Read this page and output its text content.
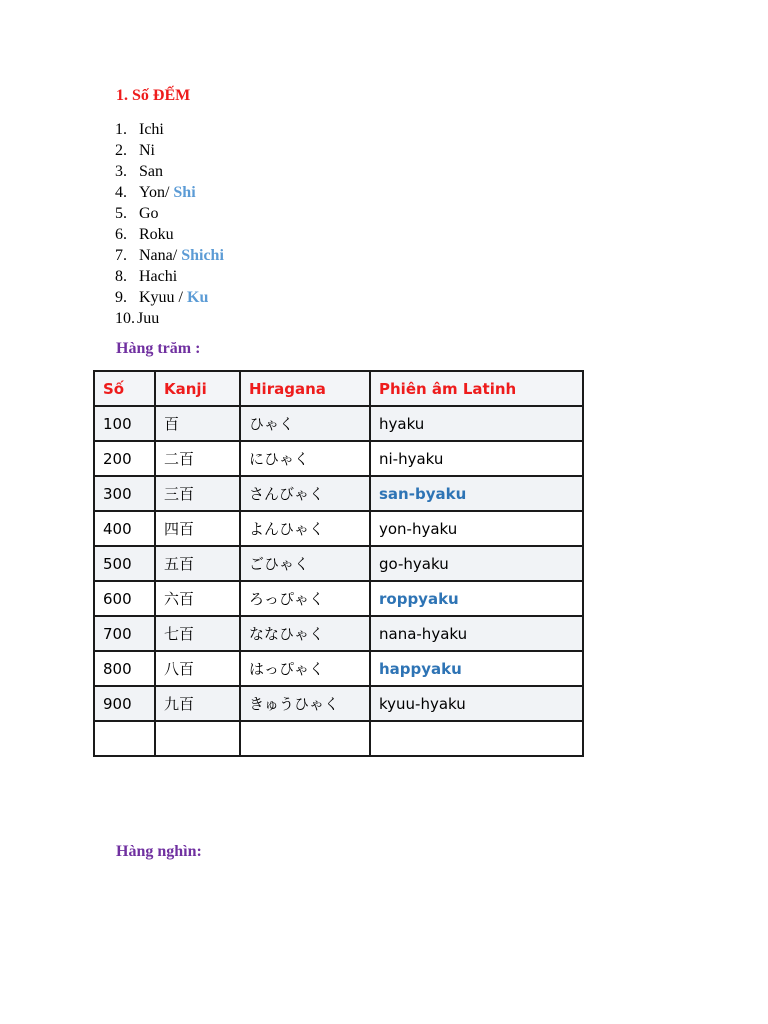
1. Số ĐẾM
1. Ichi
2. Ni
3. San
4. Yon/ Shi
5. Go
6. Roku
7. Nana/ Shichi
8. Hachi
9. Kyuu / Ku
10. Juu
Hàng trăm :
Số	Kanji	Hiragana	Phiên âm Latinh
100	百	ひゃく	hyaku
200	二百	にひゃく	ni-hyaku
300	三百	さんびゃく	san-byaku
400	四百	よんひゃく	yon-hyaku
500	五百	ごひゃく	go-hyaku
600	六百	ろっぴゃく	roppyaku
700	七百	ななひゃく	nana-hyaku
800	八百	はっぴゃく	happyaku
900	九百	きゅうひゃく	kyuu-hyaku

Hàng nghìn:
